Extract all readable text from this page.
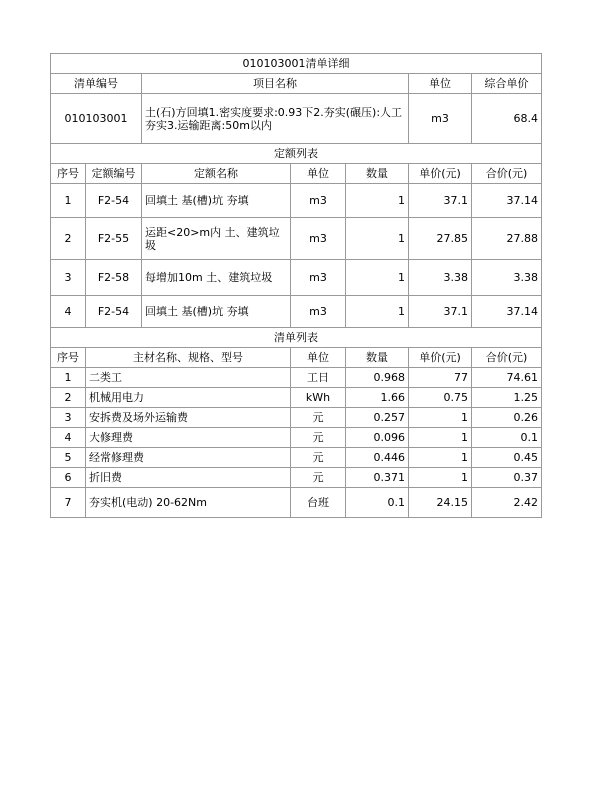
010103001清单详细						
清单编号		项目名称			单位	综合单价
010103001		土(石)方回填1.密实度要求:0.93下2.夯实(碾压):人工夯实3.运输距离:50m以内			m3	68.4
定额列表						
序号	定额编号	定额名称	单位	数量	单价(元)	合价(元)
1	F2-54	回填土 基(槽)坑 夯填	m3	1	37.1	37.14
2	F2-55	运距<20>m内 土、建筑垃圾	m3	1	27.85	27.88
3	F2-58	每增加10m 土、建筑垃圾	m3	1	3.38	3.38
4	F2-54	回填土 基(槽)坑 夯填	m3	1	37.1	37.14
清单列表						
序号	主材名称、规格、型号		单位	数量	单价(元)	合价(元)
1	二类工		工日	0.968	77	74.61
2	机械用电力		kWh	1.66	0.75	1.25
3	安拆费及场外运输费		元	0.257	1	0.26
4	大修理费		元	0.096	1	0.1
5	经常修理费		元	0.446	1	0.45
6	折旧费		元	0.371	1	0.37
7	夯实机(电动) 20-62Nm		台班	0.1	24.15	2.42
